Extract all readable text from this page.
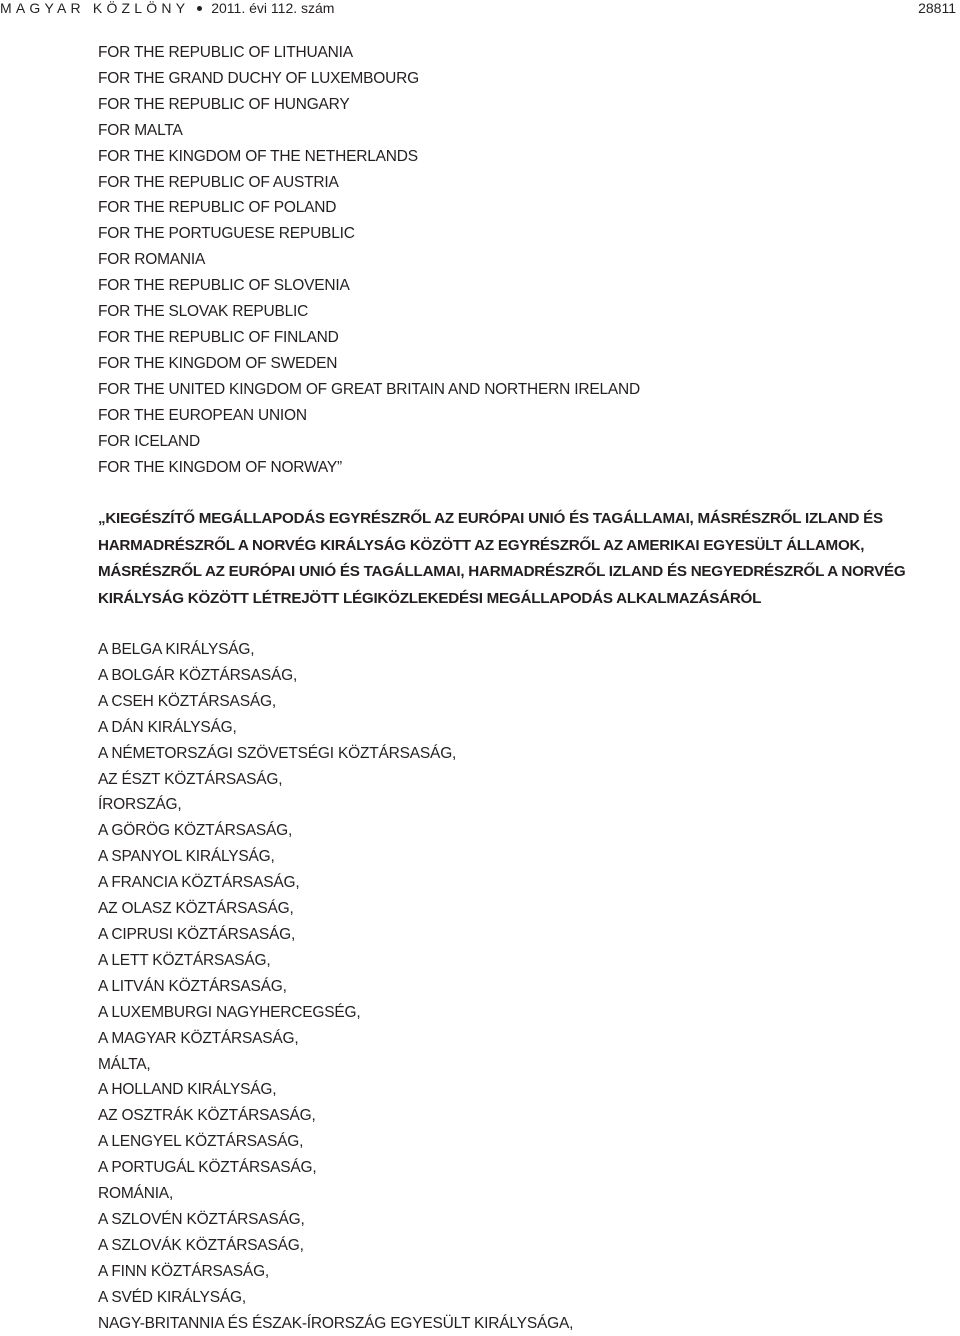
MAGYAR KÖZLÖNY 2011. évi 112. szám	28811
FOR THE REPUBLIC OF LITHUANIA
FOR THE GRAND DUCHY OF LUXEMBOURG
FOR THE REPUBLIC OF HUNGARY
FOR MALTA
FOR THE KINGDOM OF THE NETHERLANDS
FOR THE REPUBLIC OF AUSTRIA
FOR THE REPUBLIC OF POLAND
FOR THE PORTUGUESE REPUBLIC
FOR ROMANIA
FOR THE REPUBLIC OF SLOVENIA
FOR THE SLOVAK REPUBLIC
FOR THE REPUBLIC OF FINLAND
FOR THE KINGDOM OF SWEDEN
FOR THE UNITED KINGDOM OF GREAT BRITAIN AND NORTHERN IRELAND
FOR THE EUROPEAN UNION
FOR ICELAND
FOR THE KINGDOM OF NORWAY”

„KIEGÉSZÍTŐ MEGÁLLAPODÁS EGYRÉSZRŐL AZ EURÓPAI UNIÓ ÉS TAGÁLLAMAI, MÁSRÉSZRŐL IZLAND ÉS HARMADRÉSZRŐL A NORVÉG KIRÁLYSÁG KÖZÖTT AZ EGYRÉSZRŐL AZ AMERIKAI EGYESÜLT ÁLLAMOK, MÁSRÉSZRŐL AZ EURÓPAI UNIÓ ÉS TAGÁLLAMAI, HARMADRÉSZRŐL IZLAND ÉS NEGYEDRÉSZRŐL A NORVÉG KIRÁLYSÁG KÖZÖTT LÉTREJÖTT LÉGIKÖZLEKEDÉSI MEGÁLLAPODÁS ALKALMAZÁSÁRÓL

A BELGA KIRÁLYSÁG,
A BOLGÁR KÖZTÁRSASÁG,
A CSEH KÖZTÁRSASÁG,
A DÁN KIRÁLYSÁG,
A NÉMETORSZÁGI SZÖVETSÉGI KÖZTÁRSASÁG,
AZ ÉSZT KÖZTÁRSASÁG,
ÍRORSZÁG,
A GÖRÖG KÖZTÁRSASÁG,
A SPANYOL KIRÁLYSÁG,
A FRANCIA KÖZTÁRSASÁG,
AZ OLASZ KÖZTÁRSASÁG,
A CIPRUSI KÖZTÁRSASÁG,
A LETT KÖZTÁRSASÁG,
A LITVÁN KÖZTÁRSASÁG,
A LUXEMBURGI NAGYHERCEGSÉG,
A MAGYAR KÖZTÁRSASÁG,
MÁLTA,
A HOLLAND KIRÁLYSÁG,
AZ OSZTRÁK KÖZTÁRSASÁG,
A LENGYEL KÖZTÁRSASÁG,
A PORTUGÁL KÖZTÁRSASÁG,
ROMÁNIA,
A SZLOVÉN KÖZTÁRSASÁG,
A SZLOVÁK KÖZTÁRSASÁG,
A FINN KÖZTÁRSASÁG,
A SVÉD KIRÁLYSÁG,
NAGY-BRITANNIA ÉS ÉSZAK-ÍRORSZÁG EGYESÜLT KIRÁLYSÁGA,
